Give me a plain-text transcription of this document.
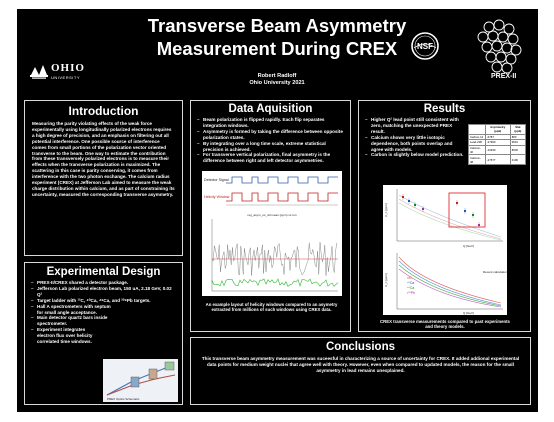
OHIO
UNIVERSITY
Transverse Beam Asymmetry
Measurement During CREX
Robert Radloff
Ohio University 2021
NSF
PREX-II
Introduction
Measuring the parity violating effects of the weak force experimentally using longitudinally polarized electrons requires a high degree of precision, and an emphasis on filtering out all potential interference. One possible source of interference comes from small portions of the polarization vector oriented transverse to the beam. One way to estimate the contribution from these transversely polarized electrons is to measure their effects when the transverse polarization is maximized. The scattering in this case is parity conserving, it comes from interference with the two photon exchange. The calcium radius experiment (CREX) at Jefferson Lab aimed to measure the weak charge distribution within calcium, and as part of constraining its uncertainty, measured the corresponding transverse asymmetry.
Experimental Design
– PREX-II/CREX shared a detector package.
– Jefferson Lab polarized electron beam, 150 uA, 2.18 GeV, 0.02 Q²
– Target ladder with ¹²C, ⁴⁰Ca, ⁴⁸Ca, and ²⁰⁸Pb targets.
– Hall A spectrometers with septum for small angle acceptance.
– Main detector quartz bars inside spectrometer.
– Experiment integrates electron flux over helicity correlated time windows.
PREX Optics Schematic
Data Aquisition
– Beam polarization is flipped rapidly. Each flip separates integration windows.
– Asymmetry is formed by taking the difference between opposite polarization states.
– By integrating over a long time scale, extreme statistical precision is achieved.
– For transverse vertical polarization, final asymmetry is the difference between right and left detector asymmetries.
Detector Signal
Helicity Window
reg_asym_us_dd mean (ppm) vs run
An example layout of helicity windows compared to an asymetry extracted from millions of such windows using CREX data.
Results
– Higher Q² lead point still consistent with zero, matching the unexpected PREX result.
– Calcium shows very little isotopic dependence, both points overlap and agree with models.
– Carbon is slightly below model prediction.
	Asymmetry (ppb)	Stat (ppb)
Carbon-12	-6787	880
Lead-208	-27960	9610
Calcium-40	-10930	8030
Calcium-48	-27677	4190
A_n [ppm]
Q [GeV]
A_n [ppm]
Q [GeV]
¹²C
⁴⁰Ca
⁴⁸Ca
²⁰⁸Pb
Recent calculations
CREX transverse measurements compared to past experiments and theory models.
Conclusions
This transverse beam asymmetry measurement was suceesful in characterizing a source of uncertainty for CREX. It added addional experimental data points for medium weight nuclei that agree well with theory. However, even when compared to updated models, the reason for the small asymmetry in lead remains unexplained.
